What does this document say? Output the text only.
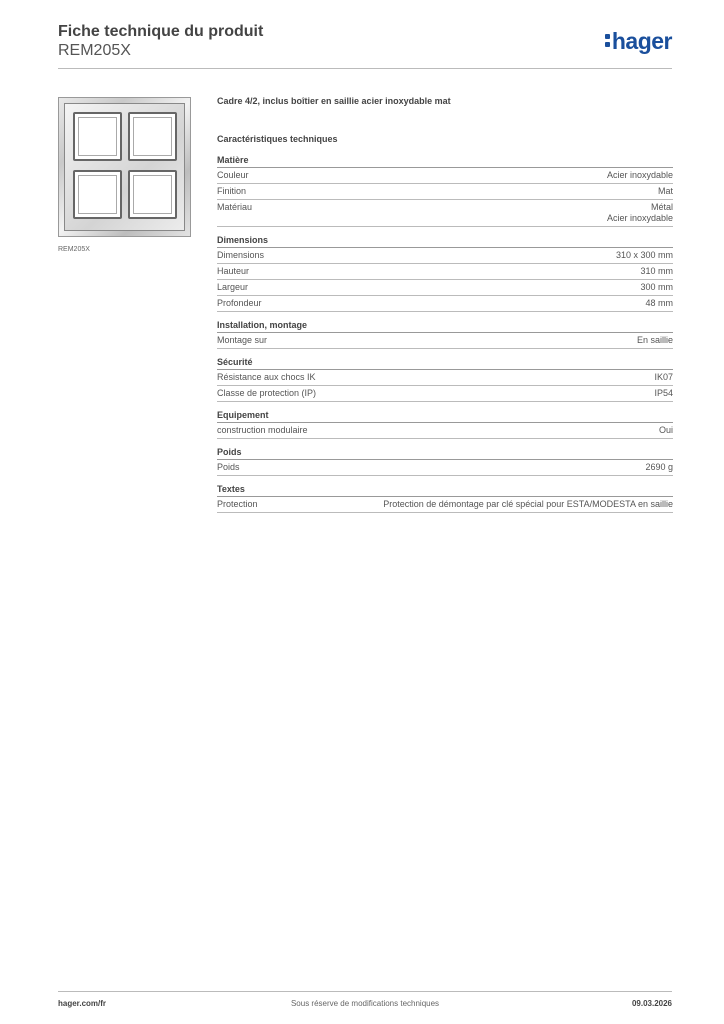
Fiche technique du produit
REM205X	hager
REM205X
Cadre 4/2, inclus boîtier en saillie acier inoxydable mat
Caractéristiques techniques
Matière
Couleur	Acier inoxydable
Finition	Mat
Matériau	Métal
Acier inoxydable
Dimensions
Dimensions	310 x 300 mm
Hauteur	310 mm
Largeur	300 mm
Profondeur	48 mm
Installation, montage
Montage sur	En saillie
Sécurité
Résistance aux chocs IK	IK07
Classe de protection (IP)	IP54
Equipement
construction modulaire	Oui
Poids
Poids	2690 g
Textes
Protection	Protection de démontage par clé spécial pour ESTA/MODESTA en saillie
Sous réserve de modifications techniques
hager.com/fr	09.03.2026
